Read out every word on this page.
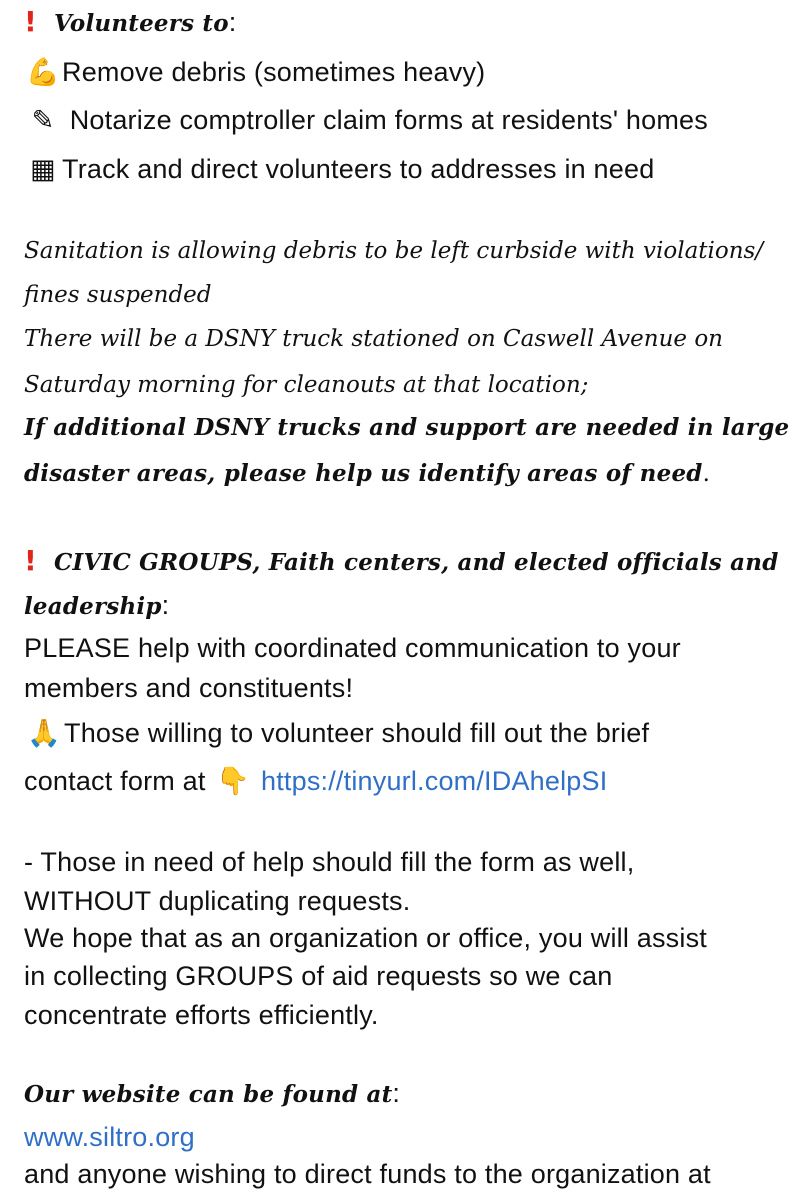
! Volunteers to:
💪Remove debris (sometimes heavy)
✎ Notarize comptroller claim forms at residents' homes
▦ Track and direct volunteers to addresses in need
Sanitation is allowing debris to be left curbside with violations/
fines suspended
There will be a DSNY truck stationed on Caswell Avenue on
Saturday morning for cleanouts at that location;
If additional DSNY trucks and support are needed in large
disaster areas, please help us identify areas of need.
! CIVIC GROUPS, Faith centers, and elected officials and
leadership:
PLEASE help with coordinated communication to your
members and constituents!
🙏 Those willing to volunteer should fill out the brief
contact form at 👇 https://tinyurl.com/IDAhelpSI
- Those in need of help should fill the form as well,
WITHOUT duplicating requests.
We hope that as an organization or office, you will assist
in collecting GROUPS of aid requests so we can
concentrate efforts efficiently.
Our website can be found at:
www.siltro.org
and anyone wishing to direct funds to the organization at
